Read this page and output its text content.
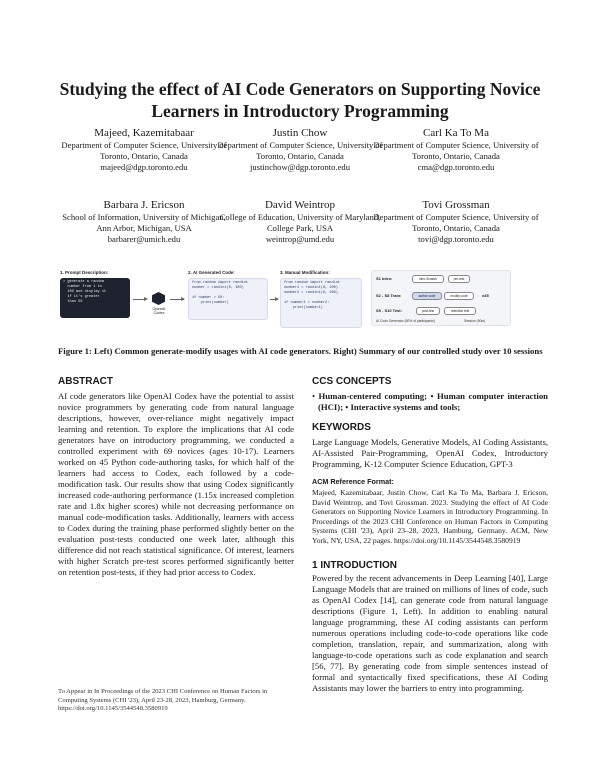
Studying the effect of AI Code Generators on Supporting Novice Learners in Introductory Programming
Majeed, Kazemitabaar
Department of Computer Science, University of Toronto, Ontario, Canada
majeed@dgp.toronto.edu
Justin Chow
Department of Computer Science, University of Toronto, Ontario, Canada
justinchow@dgp.toronto.edu
Carl Ka To Ma
Department of Computer Science, University of Toronto, Ontario, Canada
cma@dgp.toronto.edu
Barbara J. Ericson
School of Information, University of Michigan, Ann Arbor, Michigan, USA
barbarer@umich.edu
David Weintrop
College of Education, University of Maryland, College Park, USA
weintrop@umd.edu
Tovi Grossman
Department of Computer Science, University of Toronto, Ontario, Canada
tovi@dgp.toronto.edu
1. Prompt Description:
> generate a random
number from 1 to
100 and display it
if it's greater
than 50
OpenAI
Codex
2. AI Generated Code:
from random import randint
number = randint(0, 100)

if number > 50:
print(number)
3. Manual Modification:
from random import randint
number1 = randint(0, 100)
number2 = randint(0, 100)

if number1 > number2:
print(number1)
S1 Intro:	intro Scratch	pre-test
S2 - S8 Train:	author code	modify code	x45
S9 - S10 Test:	post-test	retention test
AI Code Generator (50% of participants)	Session (90m)
Figure 1: Left) Common generate-modify usages with AI code generators. Right) Summary of our controlled study over 10 sessions
ABSTRACT

AI code generators like OpenAI Codex have the potential to assist novice programmers by generating code from natural language descriptions, however, over-reliance might negatively impact learning and retention. To explore the implications that AI code generators have on introductory programming, we conducted a controlled experiment with 69 novices (ages 10-17). Learners worked on 45 Python code-authoring tasks, for which half of the learners had access to Codex, each followed by a code-modification task. Our results show that using Codex significantly increased code-authoring performance (1.15x increased completion rate and 1.8x higher scores) while not decreasing performance on manual code-modification tasks. Additionally, learners with access to Codex during the training phase performed slightly better on the evaluation post-tests conducted one week later, although this difference did not reach statistical significance. Of interest, learners with higher Scratch pre-test scores performed significantly better on retention post-tests, if they had prior access to Codex.

To Appear in In Proceedings of the 2023 CHI Conference on Human Factors in Computing Systems (CHI '23), April 23-28, 2023, Hamburg, Germany.
https://doi.org/10.1145/3544548.3580919
CCS CONCEPTS
• Human-centered computing; • Human computer interaction (HCI); • Interactive systems and tools;
KEYWORDS

Large Language Models, Generative Models, AI Coding Assistants, AI-Assisted Pair-Programming, OpenAI Codex, Introductory Programming, K-12 Computer Science Education, GPT-3

ACM Reference Format:

Majeed, Kazemitabaar, Justin Chow, Carl Ka To Ma, Barbara J. Ericson, David Weintrop, and Tovi Grossman. 2023. Studying the effect of AI Code Generators on Supporting Novice Learners in Introductory Programming. In Proceedings of the 2023 CHI Conference on Human Factors in Computing Systems (CHI '23), April 23–28, 2023, Hamburg, Germany. ACM, New York, NY, USA, 22 pages. https://doi.org/10.1145/3544548.3580919

1 INTRODUCTION

Powered by the recent advancements in Deep Learning [40], Large Language Models that are trained on millions of lines of code, such as OpenAI Codex [14], can generate code from natural language descriptions (Figure 1, Left). In addition to enabling natural language programming, these AI coding assistants can perform numerous operations including code-to-code operations like code completion, translation, repair, and summarization, along with language-to-code operations such as code explanation and search [56, 77]. By generating code from simple sentences instead of formal and syntactically fixed specifications, these AI Coding Assistants may lower the barriers to entry into programming.
